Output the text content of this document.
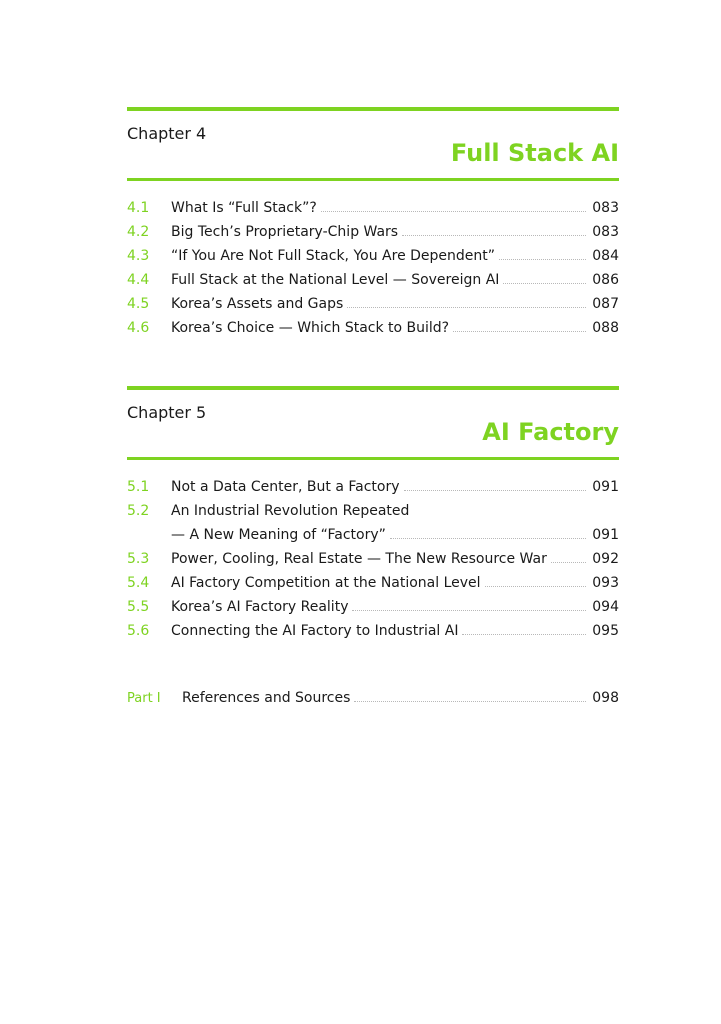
Chapter 4
Full Stack AI
4.1	What Is “Full Stack”?	083
4.2	Big Tech’s Proprietary-Chip Wars	083
4.3	“If You Are Not Full Stack, You Are Dependent”	084
4.4	Full Stack at the National Level — Sovereign AI	086
4.5	Korea’s Assets and Gaps	087
4.6	Korea’s Choice — Which Stack to Build?	088
Chapter 5
AI Factory
5.1	Not a Data Center, But a Factory	091
5.2	An Industrial Revolution Repeated
— A New Meaning of “Factory”	091
5.3	Power, Cooling, Real Estate — The New Resource War	092
5.4	AI Factory Competition at the National Level	093
5.5	Korea’s AI Factory Reality	094
5.6	Connecting the AI Factory to Industrial AI	095
Part Ⅰ	References and Sources	098
